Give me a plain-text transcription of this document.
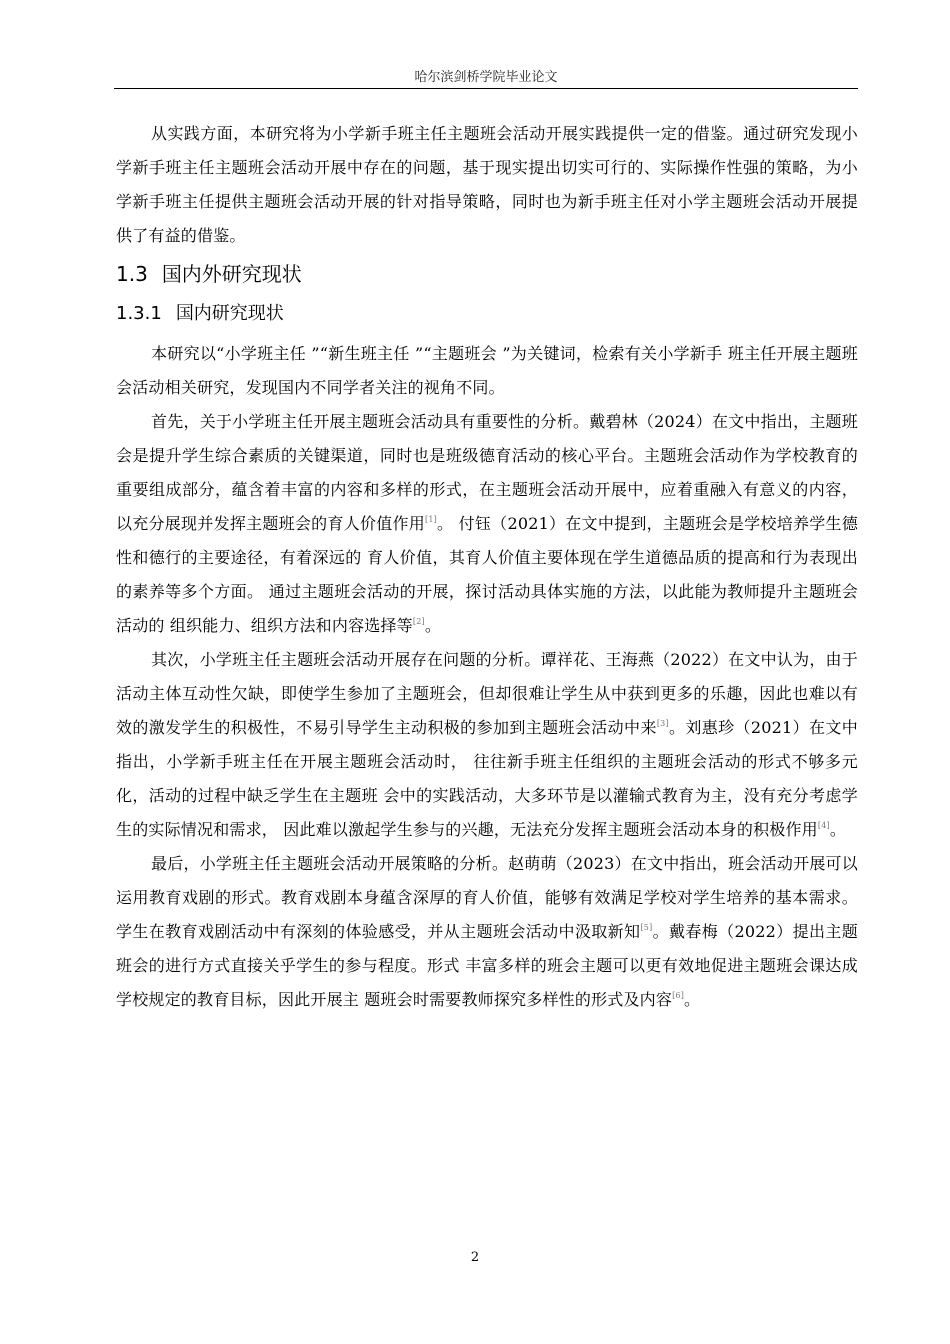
哈尔滨剑桥学院毕业论文

从实践方面，本研究将为小学新手班主任主题班会活动开展实践提供一定的借鉴。通过研究发现小学新手班主任主题班会活动开展中存在的问题，基于现实提出切实可行的、实际操作性强的策略，为小学新手班主任提供主题班会活动开展的针对指导策略，同时也为新手班主任对小学主题班会活动开展提供了有益的借鉴。

1.3 国内外研究现状
1.3.1 国内研究现状

本研究以“小学班主任 ”“新生班主任 ”“主题班会 ”为关键词，检索有关小学新手 班主任开展主题班会活动相关研究，发现国内不同学者关注的视角不同。

首先，关于小学班主任开展主题班会活动具有重要性的分析。戴碧林（2024）在文中指出，主题班会是提升学生综合素质的关键渠道，同时也是班级德育活动的核心平台。主题班会活动作为学校教育的重要组成部分，蕴含着丰富的内容和多样的形式，在主题班会活动开展中，应着重融入有意义的内容，以充分展现并发挥主题班会的育人价值作用[1]。 付钰（2021）在文中提到，主题班会是学校培养学生德性和德行的主要途径，有着深远的 育人价值，其育人价值主要体现在学生道德品质的提高和行为表现出的素养等多个方面。 通过主题班会活动的开展，探讨活动具体实施的方法，以此能为教师提升主题班会活动的 组织能力、组织方法和内容选择等[2]。

其次，小学班主任主题班会活动开展存在问题的分析。谭祥花、王海燕（2022）在文中认为，由于活动主体互动性欠缺，即使学生参加了主题班会，但却很难让学生从中获到更多的乐趣，因此也难以有效的激发学生的积极性，不易引导学生主动积极的参加到主题班会活动中来[3]。刘惠珍（2021）在文中指出，小学新手班主任在开展主题班会活动时， 往往新手班主任组织的主题班会活动的形式不够多元化，活动的过程中缺乏学生在主题班 会中的实践活动，大多环节是以灌输式教育为主，没有充分考虑学生的实际情况和需求， 因此难以激起学生参与的兴趣，无法充分发挥主题班会活动本身的积极作用[4]。

最后，小学班主任主题班会活动开展策略的分析。赵萌萌（2023）在文中指出，班会活动开展可以运用教育戏剧的形式。教育戏剧本身蕴含深厚的育人价值，能够有效满足学校对学生培养的基本需求。学生在教育戏剧活动中有深刻的体验感受，并从主题班会活动中汲取新知[5]。戴春梅（2022）提出主题班会的进行方式直接关乎学生的参与程度。形式 丰富多样的班会主题可以更有效地促进主题班会课达成学校规定的教育目标，因此开展主 题班会时需要教师探究多样性的形式及内容[6]。

2
